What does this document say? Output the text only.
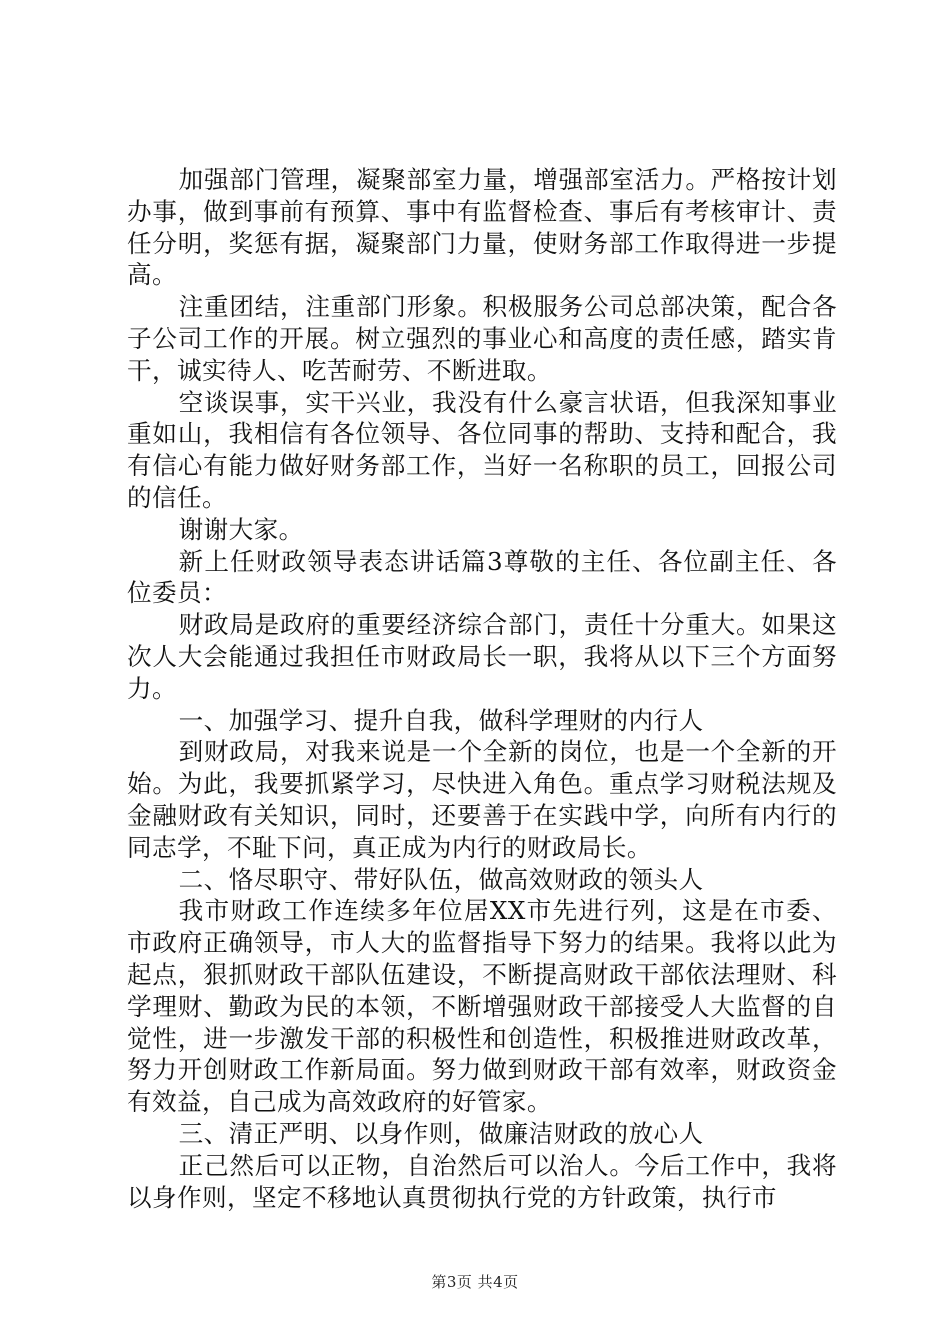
加强部门管理，凝聚部室力量，增强部室活力。严格按计划办事，做到事前有预算、事中有监督检查、事后有考核审计、责任分明，奖惩有据，凝聚部门力量，使财务部工作取得进一步提高。

注重团结，注重部门形象。积极服务公司总部决策，配合各子公司工作的开展。树立强烈的事业心和高度的责任感，踏实肯干，诚实待人、吃苦耐劳、不断进取。

空谈误事，实干兴业，我没有什么豪言状语，但我深知事业重如山，我相信有各位领导、各位同事的帮助、支持和配合，我有信心有能力做好财务部工作，当好一名称职的员工，回报公司的信任。

谢谢大家。

新上任财政领导表态讲话篇3尊敬的主任、各位副主任、各位委员：

财政局是政府的重要经济综合部门，责任十分重大。如果这次人大会能通过我担任市财政局长一职，我将从以下三个方面努力。

一、加强学习、提升自我，做科学理财的内行人

到财政局，对我来说是一个全新的岗位，也是一个全新的开始。为此，我要抓紧学习，尽快进入角色。重点学习财税法规及金融财政有关知识，同时，还要善于在实践中学，向所有内行的同志学，不耻下问，真正成为内行的财政局长。

二、恪尽职守、带好队伍，做高效财政的领头人

我市财政工作连续多年位居XX市先进行列，这是在市委、市政府正确领导，市人大的监督指导下努力的结果。我将以此为起点，狠抓财政干部队伍建设，不断提高财政干部依法理财、科学理财、勤政为民的本领，不断增强财政干部接受人大监督的自觉性，进一步激发干部的积极性和创造性，积极推进财政改革，努力开创财政工作新局面。努力做到财政干部有效率，财政资金有效益，自己成为高效政府的好管家。

三、清正严明、以身作则，做廉洁财政的放心人

正己然后可以正物，自治然后可以治人。今后工作中，我将以身作则，坚定不移地认真贯彻执行党的方针政策，执行市

第3页 共4页
